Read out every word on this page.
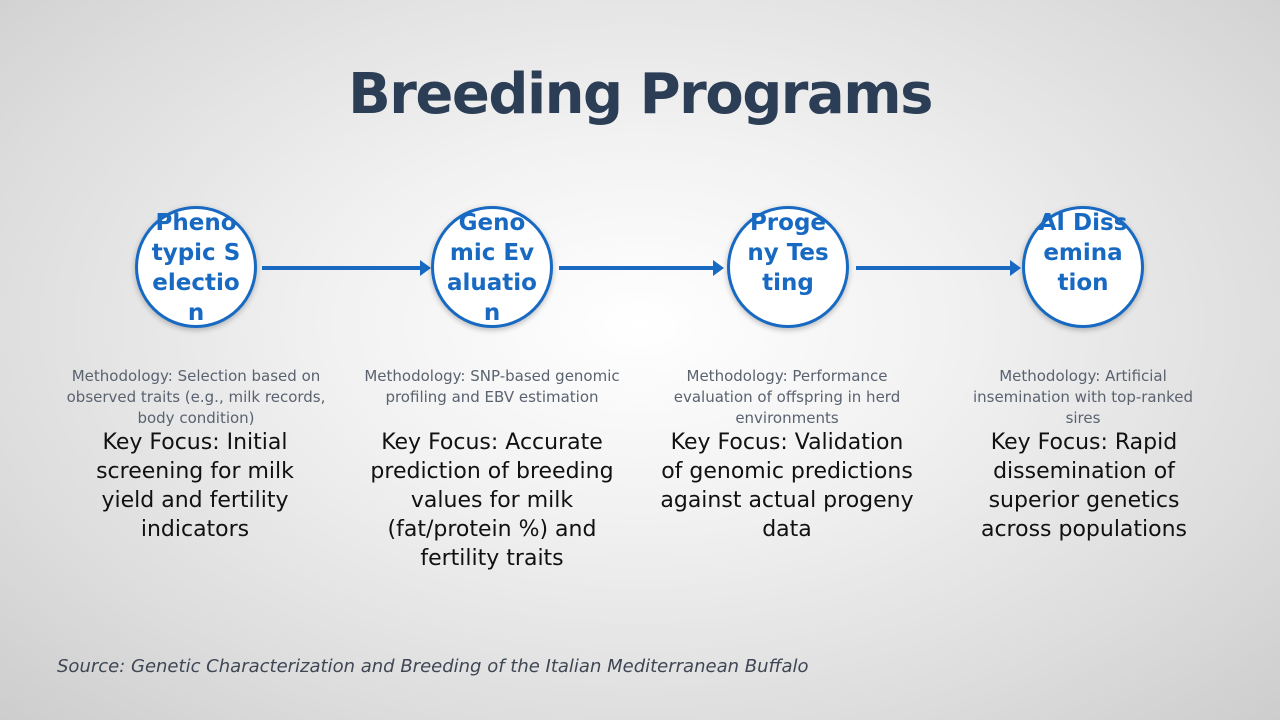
Breeding Programs
Phenotypic Selection
Methodology: Selection based on observed traits (e.g., milk records, body condition)
Key Focus: Initial screening for milk yield and fertility indicators
Genomic Evaluation
Methodology: SNP-based genomic profiling and EBV estimation
Key Focus: Accurate prediction of breeding values for milk (fat/protein %) and fertility traits
Progeny Testing
Methodology: Performance evaluation of offspring in herd environments
Key Focus: Validation of genomic predictions against actual progeny data
AI Dissemination
Methodology: Artificial insemination with top-ranked sires
Key Focus: Rapid dissemination of superior genetics across populations
Source: Genetic Characterization and Breeding of the Italian Mediterranean Buffalo
